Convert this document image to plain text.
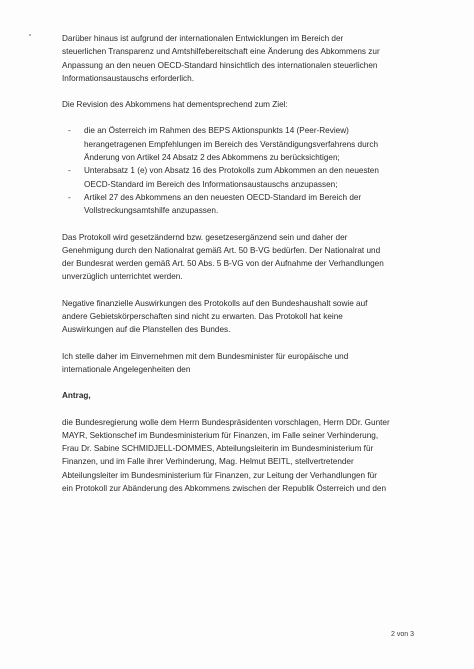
Darüber hinaus ist aufgrund der internationalen Entwicklungen im Bereich der
steuerlichen Transparenz und Amtshilfebereitschaft eine Änderung des Abkommens zur
Anpassung an den neuen OECD-Standard hinsichtlich des internationalen steuerlichen
Informationsaustauschs erforderlich.
Die Revision des Abkommens hat dementsprechend zum Ziel:
- die an Österreich im Rahmen des BEPS Aktionspunkts 14 (Peer-Review)
herangetragenen Empfehlungen im Bereich des Verständigungsverfahrens durch
Änderung von Artikel 24 Absatz 2 des Abkommens zu berücksichtigen;
- Unterabsatz 1 (e) von Absatz 16 des Protokolls zum Abkommen an den neuesten
OECD-Standard im Bereich des Informationsaustauschs anzupassen;
- Artikel 27 des Abkommens an den neuesten OECD-Standard im Bereich der
Vollstreckungsamtshilfe anzupassen.
Das Protokoll wird gesetzändernd bzw. gesetzesergänzend sein und daher der
Genehmigung durch den Nationalrat gemäß Art. 50 B-VG bedürfen. Der Nationalrat und
der Bundesrat werden gemäß Art. 50 Abs. 5 B-VG von der Aufnahme der Verhandlungen
unverzüglich unterrichtet werden.
Negative finanzielle Auswirkungen des Protokolls auf den Bundeshaushalt sowie auf
andere Gebietskörperschaften sind nicht zu erwarten. Das Protokoll hat keine
Auswirkungen auf die Planstellen des Bundes.
Ich stelle daher im Einvernehmen mit dem Bundesminister für europäische und
internationale Angelegenheiten den
Antrag,
die Bundesregierung wolle dem Herrn Bundespräsidenten vorschlagen, Herrn DDr. Gunter
MAYR, Sektionschef im Bundesministerium für Finanzen, im Falle seiner Verhinderung,
Frau Dr. Sabine SCHMIDJELL-DOMMES, Abteilungsleiterin im Bundesministerium für
Finanzen, und im Falle ihrer Verhinderung, Mag. Helmut BEITL, stellvertretender
Abteilungsleiter im Bundesministerium für Finanzen, zur Leitung der Verhandlungen für
ein Protokoll zur Abänderung des Abkommens zwischen der Republik Österreich und den
2 von 3
